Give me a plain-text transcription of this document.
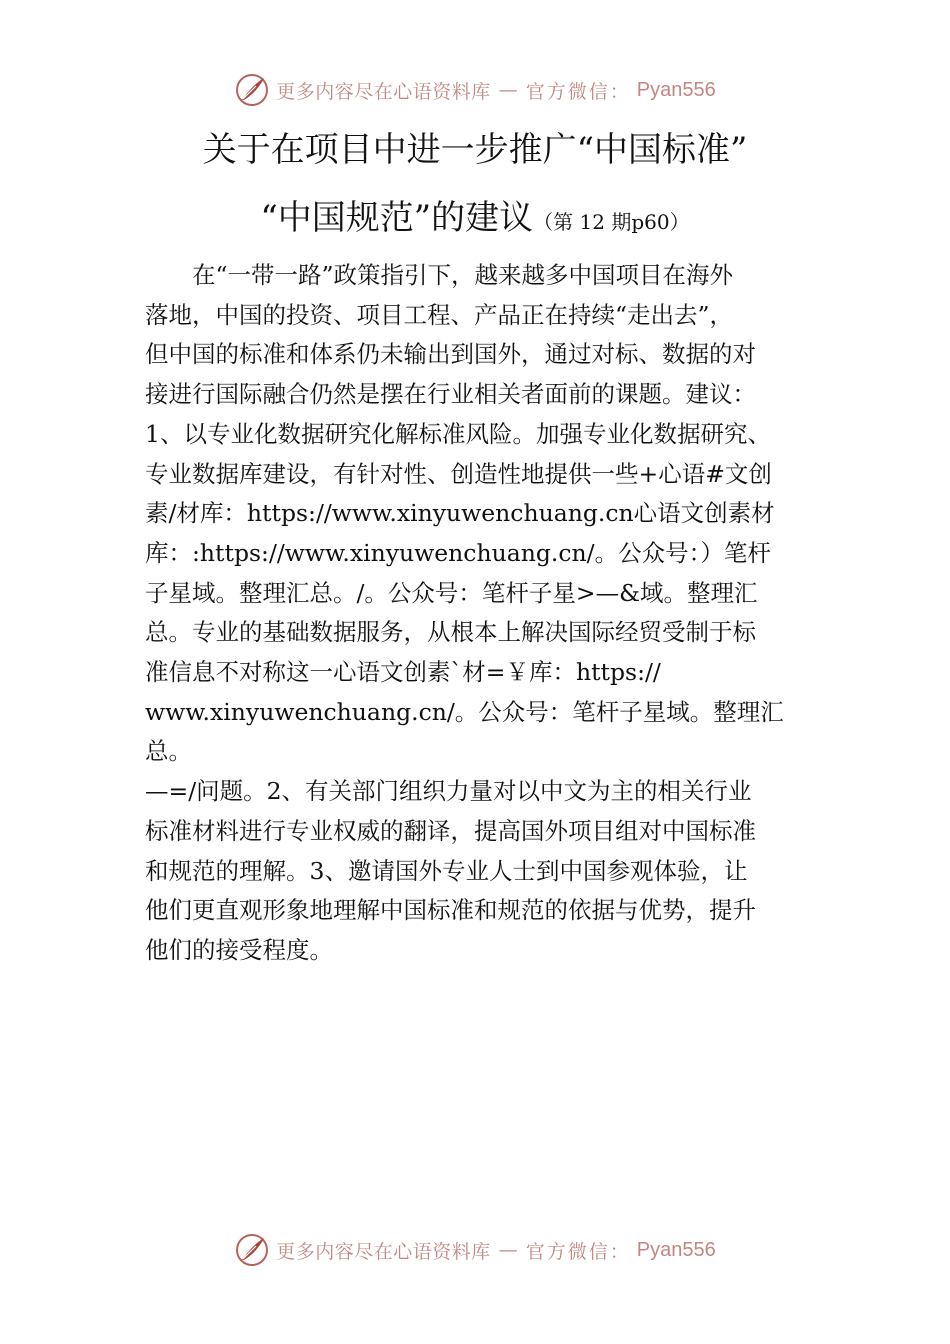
更多内容尽在心语资料库 — 官方微信： Pyan556
关于在项目中进一步推广“中国标准”
“中国规范”的建议（第 12 期p60）

　　在“一带一路”政策指引下，越来越多中国项目在海外

落地，中国的投资、项目工程、产品正在持续“走出去”，

但中国的标准和体系仍未输出到国外，通过对标、数据的对

接进行国际融合仍然是摆在行业相关者面前的课题。建议：

1、以专业化数据研究化解标准风险。加强专业化数据研究、

专业数据库建设，有针对性、创造性地提供一些+心语#文创

素/材库：https://www.xinyuwenchuang.cn心语文创素材

库：:https://www.xinyuwenchuang.cn/。公众号：）笔杆

子星域。整理汇总。/。公众号：笔杆子星>—&域。整理汇

总。专业的基础数据服务，从根本上解决国际经贸受制于标

准信息不对称这一心语文创素`材=￥库：https://

www.xinyuwenchuang.cn/。公众号：笔杆子星域。整理汇总。

—=/问题。2、有关部门组织力量对以中文为主的相关行业

标准材料进行专业权威的翻译，提高国外项目组对中国标准

和规范的理解。3、邀请国外专业人士到中国参观体验，让

他们更直观形象地理解中国标准和规范的依据与优势，提升

他们的接受程度。

更多内容尽在心语资料库 — 官方微信： Pyan556
